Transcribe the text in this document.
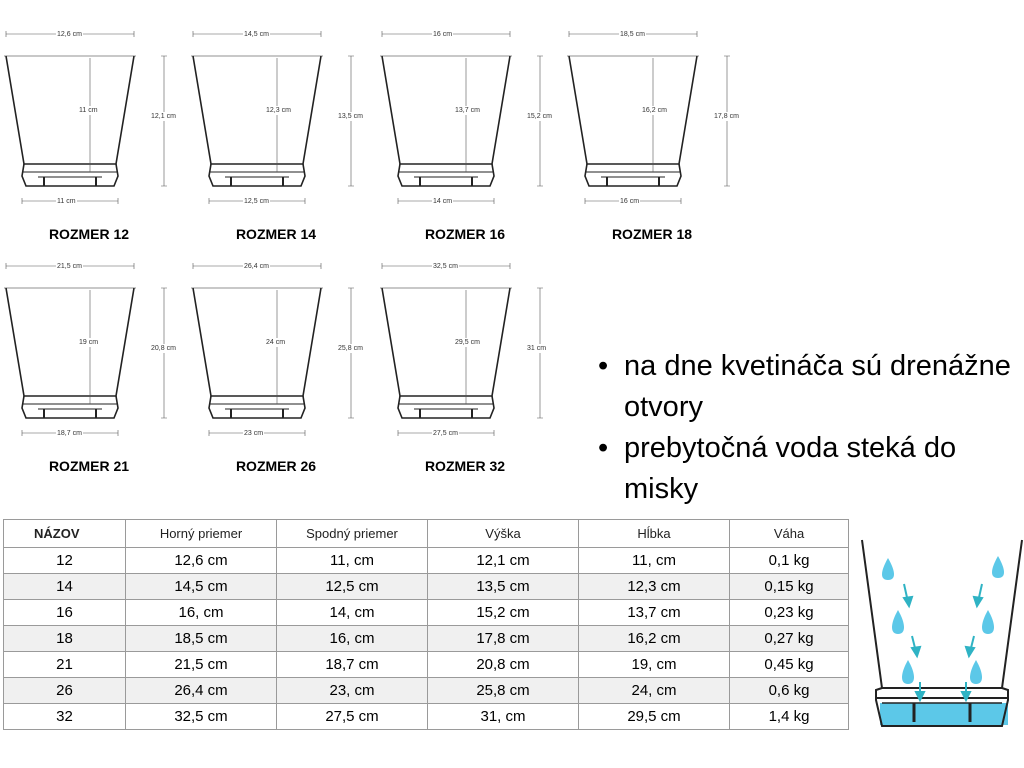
12,6 cm
11 cm
12,1 cm
11 cm
ROZMER 12
14,5 cm
12,3 cm
13,5 cm
12,5 cm
ROZMER 14
16 cm
13,7 cm
15,2 cm
14 cm
ROZMER 16
18,5 cm
16,2 cm
17,8 cm
16 cm
ROZMER 18
21,5 cm
19 cm
20,8 cm
18,7 cm
ROZMER 21
26,4 cm
24 cm
25,8 cm
23 cm
ROZMER 26
32,5 cm
29,5 cm
31 cm
27,5 cm
ROZMER 32
• na dne kvetináča sú drenážne otvory
• prebytočná voda steká do misky
NÁZOV	Horný priemer	Spodný priemer	Výška	Hĺbka	Váha
12	12,6 cm	11, cm	12,1 cm	11, cm	0,1 kg
14	14,5 cm	12,5 cm	13,5 cm	12,3 cm	0,15 kg
16	16, cm	14, cm	15,2 cm	13,7 cm	0,23 kg
18	18,5 cm	16, cm	17,8 cm	16,2 cm	0,27 kg
21	21,5 cm	18,7 cm	20,8 cm	19, cm	0,45 kg
26	26,4 cm	23, cm	25,8 cm	24, cm	0,6 kg
32	32,5 cm	27,5 cm	31, cm	29,5 cm	1,4 kg
